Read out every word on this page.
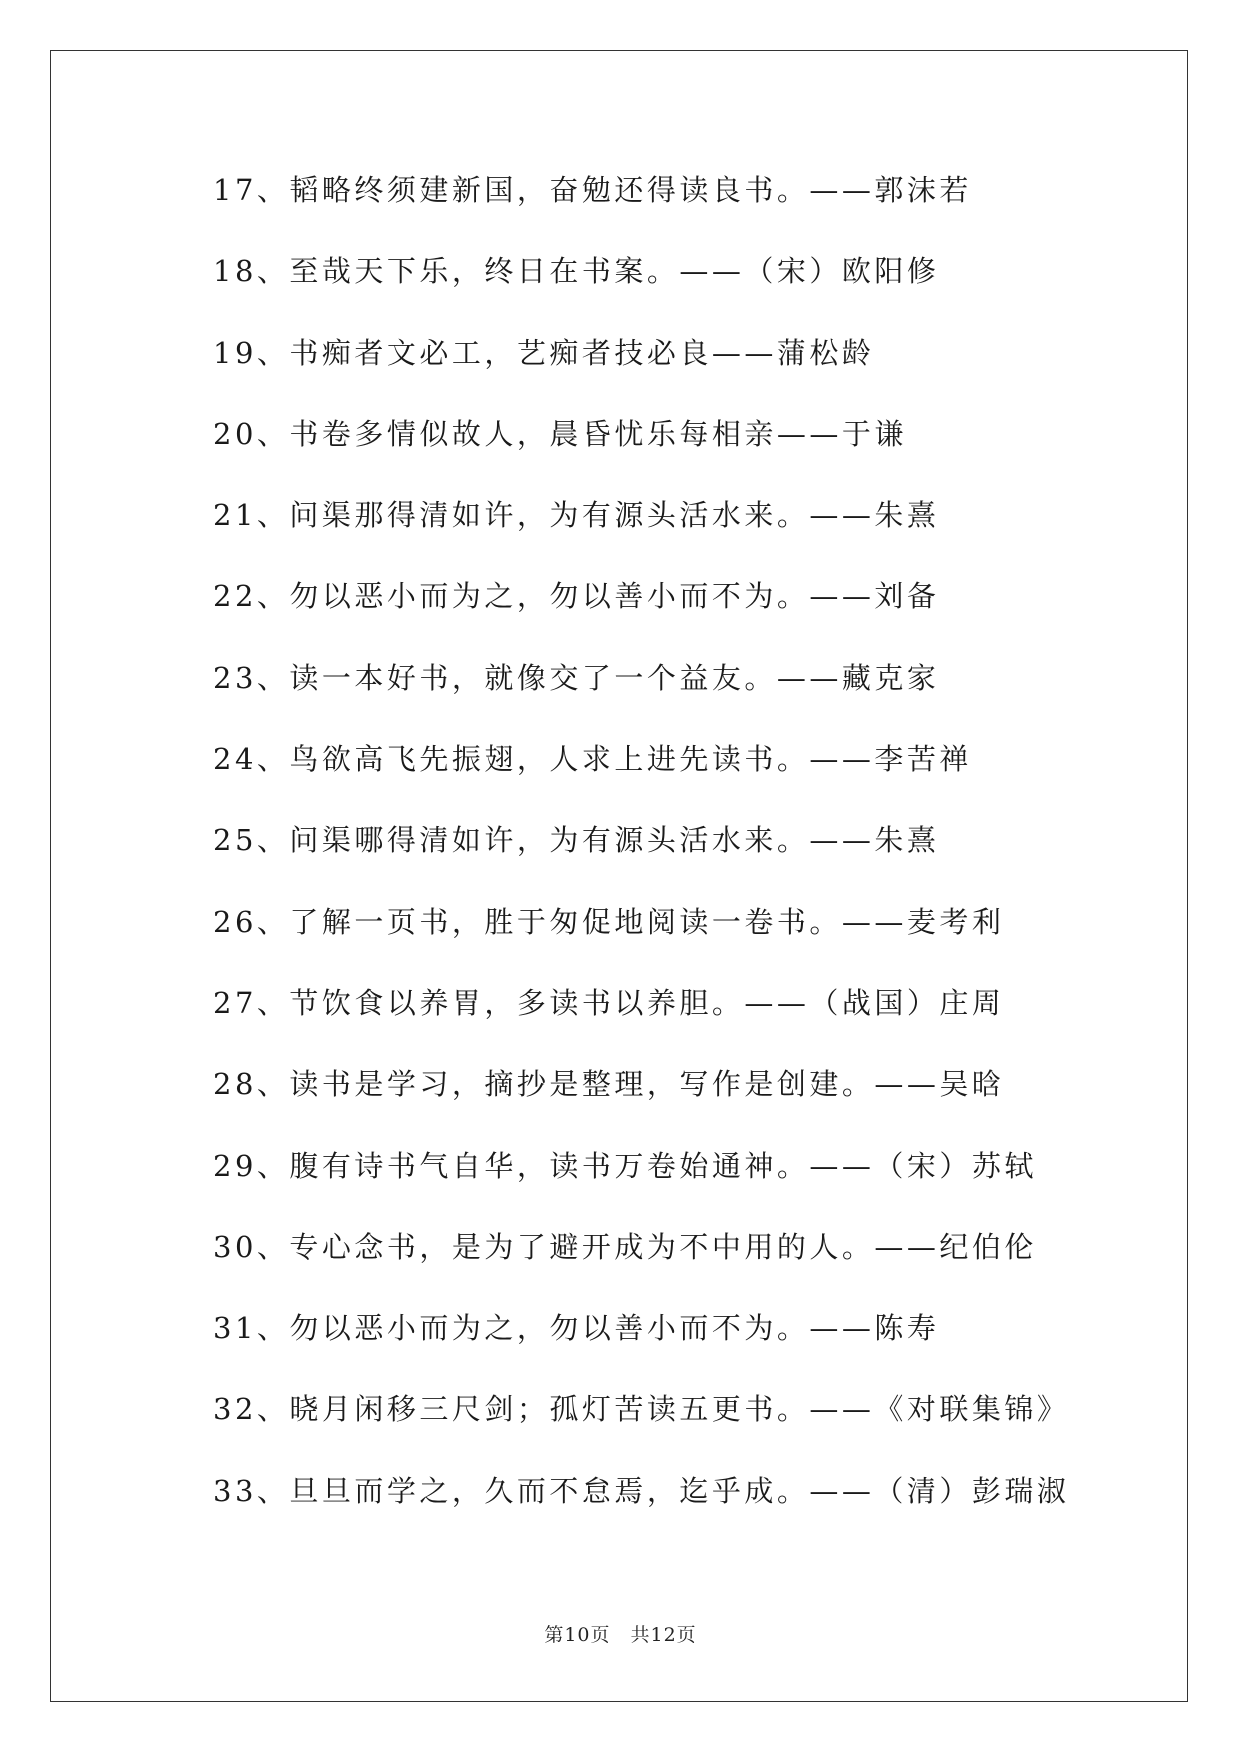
17、韬略终须建新国，奋勉还得读良书。——郭沫若
18、至哉天下乐，终日在书案。——（宋）欧阳修
19、书痴者文必工，艺痴者技必良——蒲松龄
20、书卷多情似故人，晨昏忧乐每相亲——于谦
21、问渠那得清如许，为有源头活水来。——朱熹
22、勿以恶小而为之，勿以善小而不为。——刘备
23、读一本好书，就像交了一个益友。——藏克家
24、鸟欲高飞先振翅，人求上进先读书。——李苦禅
25、问渠哪得清如许，为有源头活水来。——朱熹
26、了解一页书，胜于匆促地阅读一卷书。——麦考利
27、节饮食以养胃，多读书以养胆。——（战国）庄周
28、读书是学习，摘抄是整理，写作是创建。——吴晗
29、腹有诗书气自华，读书万卷始通神。——（宋）苏轼
30、专心念书，是为了避开成为不中用的人。——纪伯伦
31、勿以恶小而为之，勿以善小而不为。——陈寿
32、晓月闲移三尺剑；孤灯苦读五更书。——《对联集锦》
33、旦旦而学之，久而不怠焉，迄乎成。——（清）彭瑞淑
第10页　共12页
